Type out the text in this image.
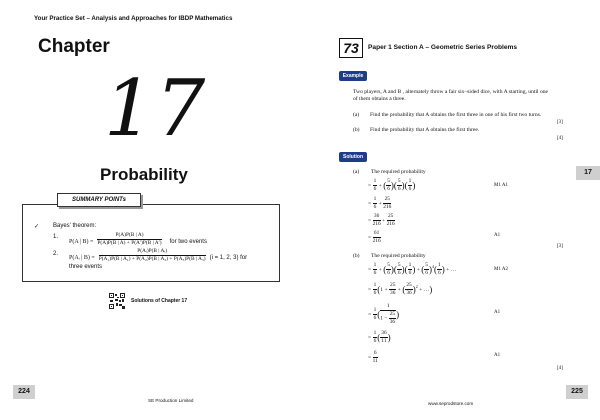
Your Practice Set – Analysis and Approaches for IBDP Mathematics
Chapter
17
Probability
SUMMARY POINTs
✓ Bayes' theorem:
1.
P(A | $B) = \frac{P(A)P(B | A)}{P(A)P(B | A) + P(A')P(B | A')}$ for two events
2.
P(Aᵢ | $B) = \frac{\text{P(Aᵢ)P(B | Aᵢ)}}{\text{P(A₁)P(B | A₁) + P(A₂)P(B | A₂) + P(A₃)P(B | A₃)}} (i = 1$, 2, 3) for
three events
Solutions of Chapter 17
224
SE Production Limited
73	Paper 1 Section A – Geometric Series Problems
Example
Two players, A and B , alternately throw a fair six–sided dice, with A starting, until one
of them obtains a three.
(a) Find the probability that A obtains the first three in one of his first two turns.
[3]
(b) Find the probability that A obtains the first three.
[4]
Solution
17
(a) The required probability
= $\frac{1}{6}$ + ( $\frac{5}{6}$ )( $\frac{5}{6}$ )( $\frac{1}{6}$ )	M1 A1
= $\frac{1}{6} + \frac{25}{216}$
= $\frac{36}{216} + \frac{25}{216}$
= $\frac{61}{216}$	A1
[3]
(b) The required probability
= $\frac{1}{6}$ + ( $\frac{5}{6}$ )( $\frac{5}{6}$ )( $\frac{1}{6}$ ) + ( $\frac{5}{6} )^4( \frac{1}{6}$ ) + …	M1 A2
= $\frac{1}{6} (1 + \frac{25}{36}$ + ( $\frac{25}{36} )^2$ + …)
= $\frac{1}{6}$ ( $\frac{1}{1 - \frac{25}{36}}$ )	A1
= $\frac{1}{6}$ ( $\frac{36}{11}$ )
= $\frac{6}{11}$	A1
[4]
225
www.seprodstore.com
